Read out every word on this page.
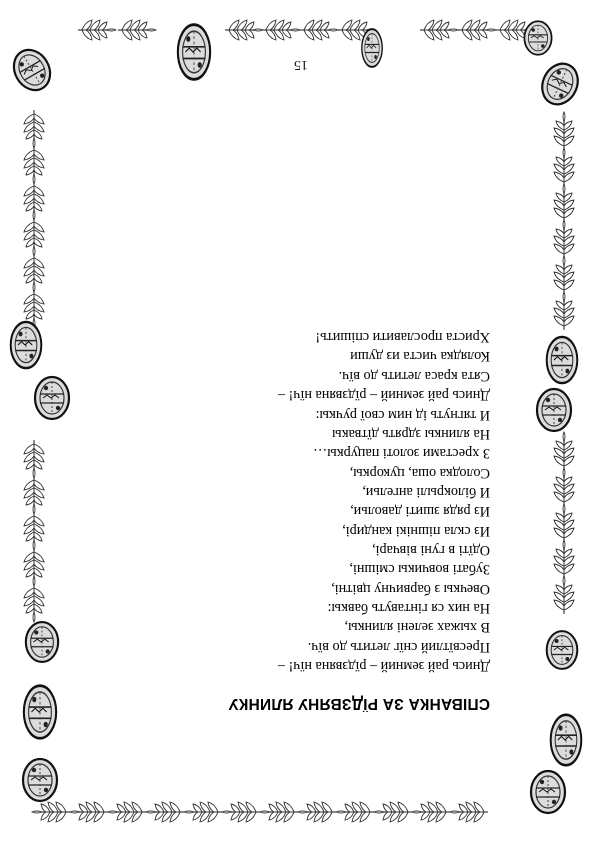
15
СПІВАНКА ЗА РЇДЗВЯНУ ЯЛИНКУ
Днись рай земний – рїдзвяна нїч! –
Пресвїтлий снїг летить до вїч.
В хыжах зелені ялинкы,
На них ся гінтавуть бавкы:
Овечкы з барвичну цвітні,
Зубаті вовчикы смішні,
Одїті в гуні вівчарі,
Из скла пішнікі кандирі,
Из рядя зшиті давольи,
И білокрылі ангельи,
Солодка оша, цукоркы,
З хрестами золоті пацуркы…
На ялинкы здрять дїтвакы
И тягнуть ід ним свої ручкы:
Днись рай земний – рїдзвяна нїч! –
Сята краса летить до вїч.
Колядка чиста из души
Христа прославити спішить!
